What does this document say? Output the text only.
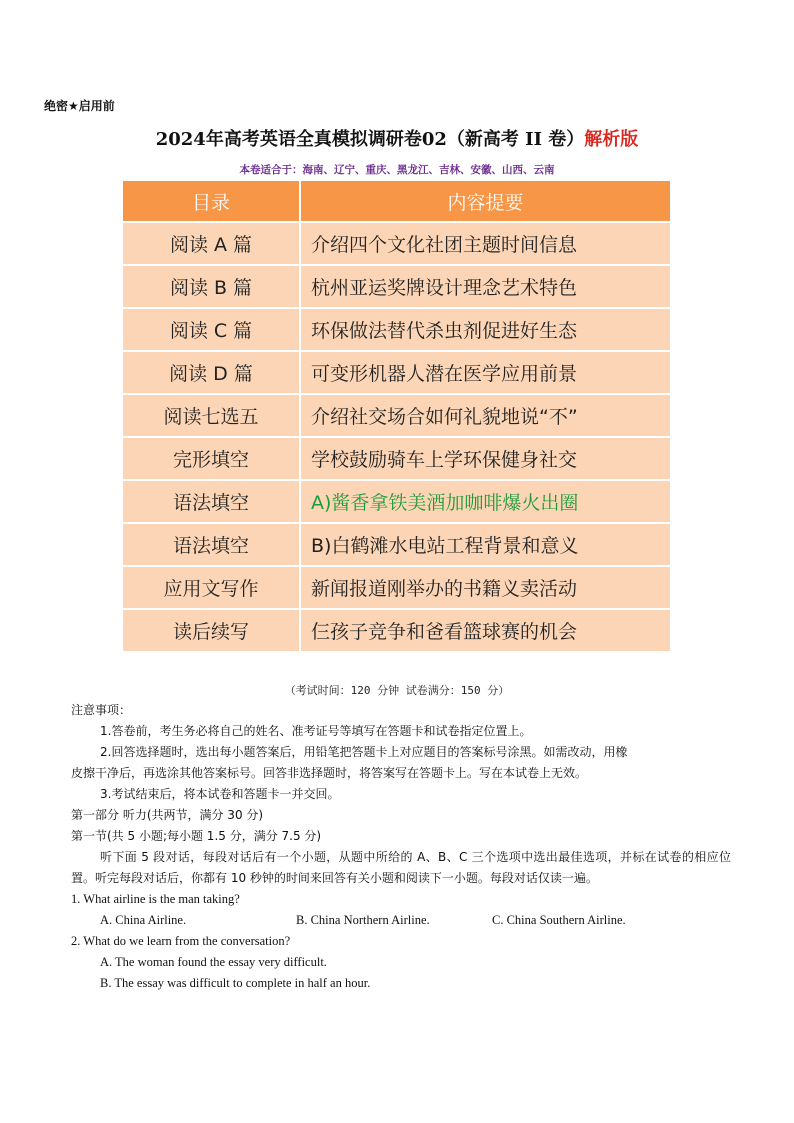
绝密★启用前
2024年高考英语全真模拟调研卷02（新高考 II 卷）解析版
本卷适合于：海南、辽宁、重庆、黑龙江、吉林、安徽、山西、云南
目录	内容提要
阅读 A 篇	介绍四个文化社团主题时间信息
阅读 B 篇	杭州亚运奖牌设计理念艺术特色
阅读 C 篇	环保做法替代杀虫剂促进好生态
阅读 D 篇	可变形机器人潜在医学应用前景
阅读七选五	介绍社交场合如何礼貌地说“不”
完形填空	学校鼓励骑车上学环保健身社交
语法填空	A)酱香拿铁美酒加咖啡爆火出圈
语法填空	B)白鹤滩水电站工程背景和意义
应用文写作	新闻报道刚举办的书籍义卖活动
读后续写	仨孩子竞争和爸看篮球赛的机会
（考试时间：120 分钟 试卷满分：150 分）

注意事项：

1.答卷前，考生务必将自己的姓名、准考证号等填写在答题卡和试卷指定位置上。

2.回答选择题时，选出每小题答案后，用铅笔把答题卡上对应题目的答案标号涂黑。如需改动，用橡

皮擦干净后，再选涂其他答案标号。回答非选择题时，将答案写在答题卡上。写在本试卷上无效。

3.考试结束后，将本试卷和答题卡一并交回。

第一部分 听力(共两节，满分 30 分)

第一节(共 5 小题;每小题 1.5 分，满分 7.5 分)

听下面 5 段对话，每段对话后有一个小题，从题中所给的 A、B、C 三个选项中选出最佳选项，并标在试卷的相应位置。听完每段对话后，你都有 10 秒钟的时间来回答有关小题和阅读下一小题。每段对话仅读一遍。

1. What airline is the man taking?

A. China Airline.	B. China Northern Airline.	C. China Southern Airline.

2. What do we learn from the conversation?

A. The woman found the essay very difficult.

B. The essay was difficult to complete in half an hour.
